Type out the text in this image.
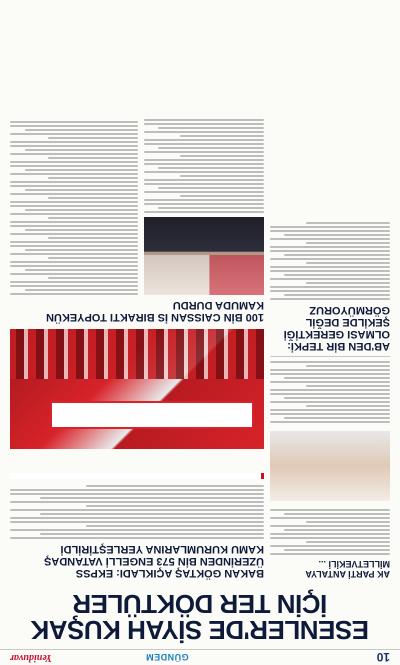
10
GÜNDEM
Yeniduvar
ESENLER'DE SİYAH KUŞAK İÇİN TER DÖKTÜLER
AK PARTİ ANTALYA MİLLETVEKİLİ ...
AB'DEN BİR TEPKİ: OLMASI GEREKTİĞİ ŞEKİLDE DEĞİL GÖRMÜYORUZ
BAKAN GÖKTAŞ AÇIKLADI: EKPSS ÜZERİNDEN BİN 573 ENGELLİ VATANDAŞ KAMU KURUMLARINA YERLEŞTİRİLDİ
100 BİN CAISSAN İS BIRAKTI TOPYEKÜN KAMUDA DURDU
